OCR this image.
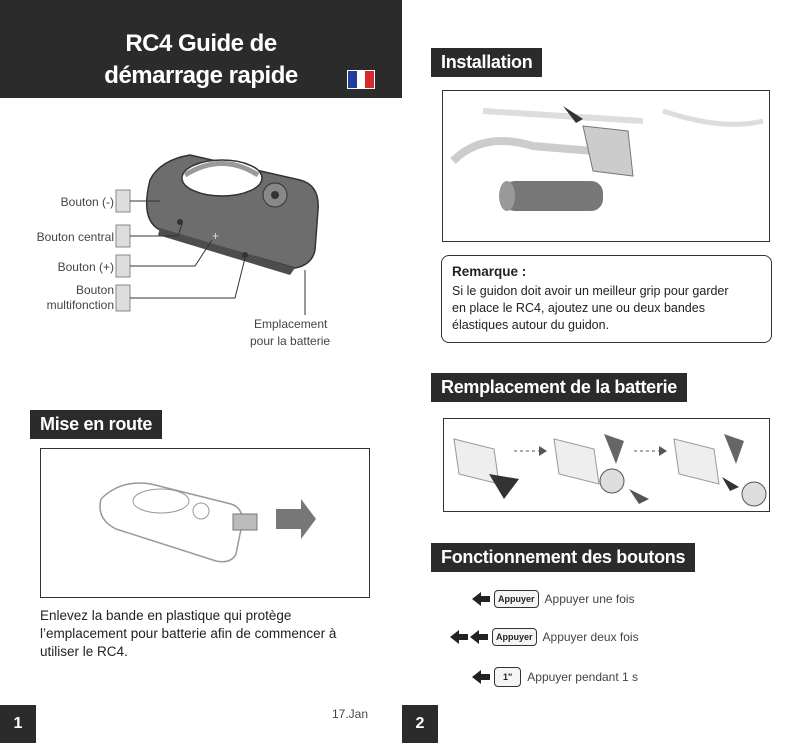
RC4 Guide de
démarrage rapide
+
Bouton (-)
Bouton central
Bouton (+)
Bouton
multifonction
Emplacement
pour la batterie
Mise en route
Enlevez la bande en plastique qui protège
l’emplacement pour batterie afin de commencer à
utiliser le RC4.
17.Jan
1
Installation
Remarque :
Si le guidon doit avoir un meilleur grip pour garder
en place le RC4, ajoutez une ou deux bandes
élastiques autour du guidon.
Remplacement de la batterie
Fonctionnement des boutons
Appuyer Appuyer une fois
Appuyer Appuyer deux fois
1"	Appuyer pendant 1 s
2
